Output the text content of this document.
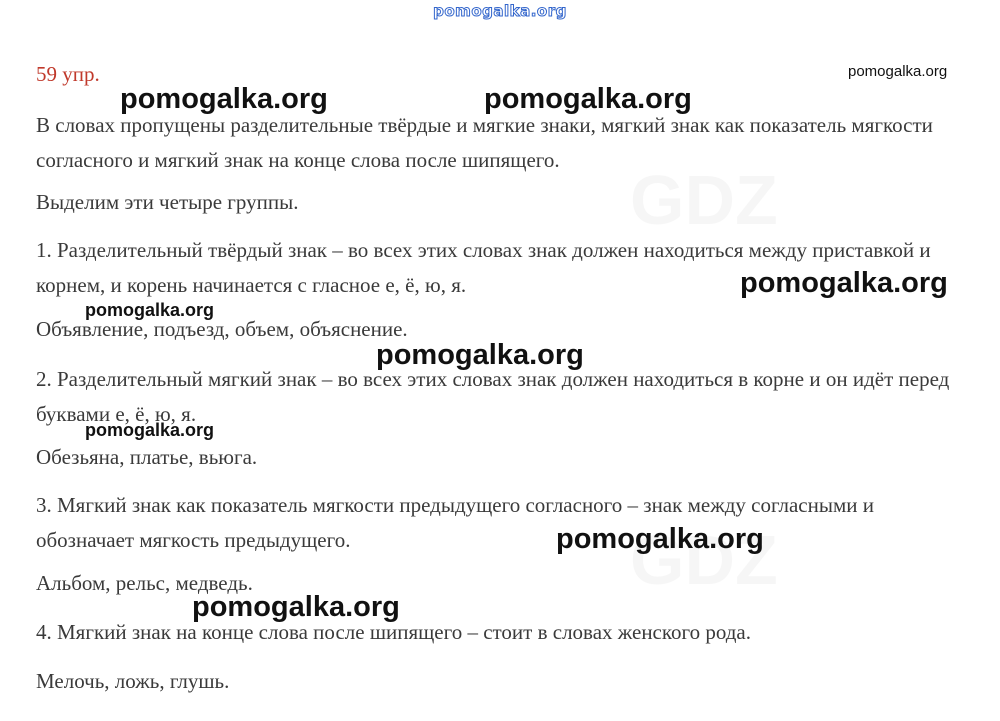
pomogalka.org
59 упр.

В словах пропущены разделительные твёрдые и мягкие знаки, мягкий знак как показатель мягкости согласного и мягкий знак на конце слова после шипящего.

Выделим эти четыре группы.

1. Разделительный твёрдый знак – во всех этих словах знак должен находиться между приставкой и корнем, и корень начинается с гласное е, ё, ю, я.

Объявление, подъезд, объем, объяснение.

2. Разделительный мягкий знак – во всех этих словах знак должен находиться в корне и он идёт перед буквами е, ё, ю, я.

Обезьяна, платье, вьюга.

3. Мягкий знак как показатель мягкости предыдущего согласного – знак между согласными и обозначает мягкость предыдущего.

Альбом, рельс, медведь.

4. Мягкий знак на конце слова после шипящего – стоит в словах женского рода.

Мелочь, ложь, глушь.

pomogalka.org
pomogalka.org	pomogalka.org
pomogalka.org
pomogalka.org
pomogalka.org
pomogalka.org
pomogalka.org
pomogalka.org
